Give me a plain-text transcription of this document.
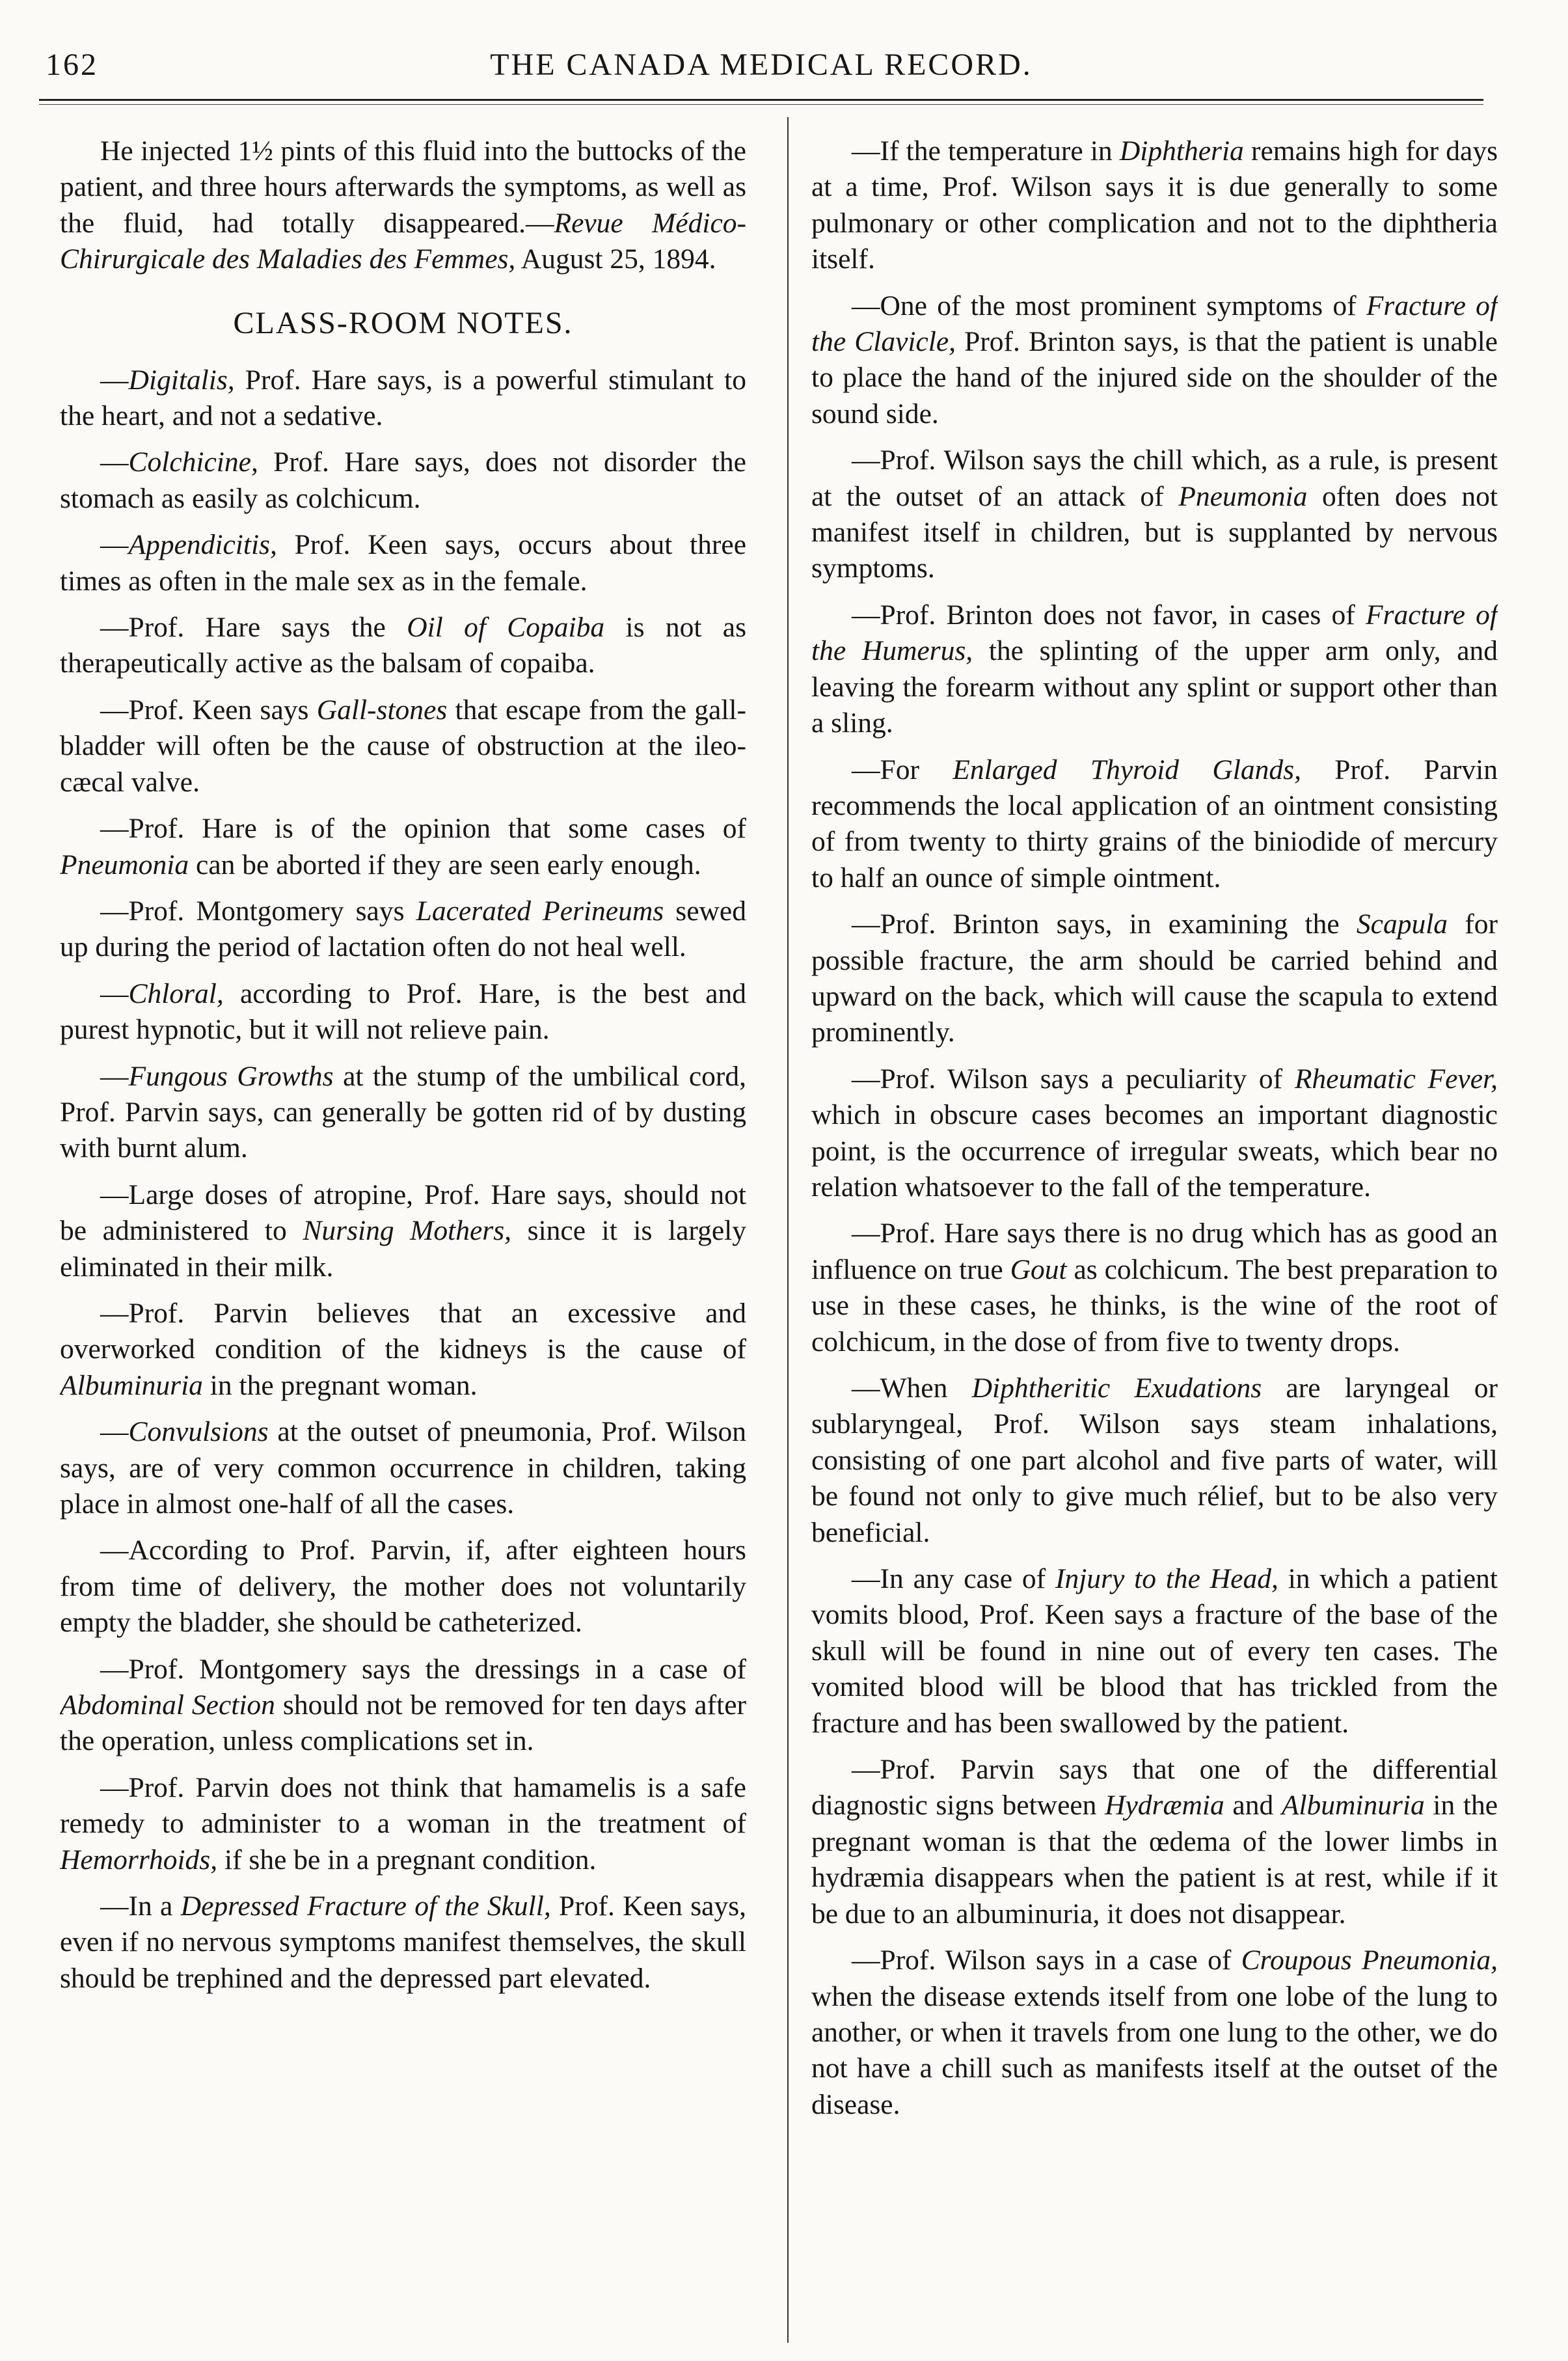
162	THE CANADA MEDICAL RECORD.

He injected 1½ pints of this fluid into the buttocks of the patient, and three hours afterwards the symptoms, as well as the fluid, had totally disappeared.—Revue Médico-Chirurgicale des Maladies des Femmes, August 25, 1894.

CLASS-ROOM NOTES.

—Digitalis, Prof. Hare says, is a powerful stimulant to the heart, and not a sedative.

—Colchicine, Prof. Hare says, does not disorder the stomach as easily as colchicum.

—Appendicitis, Prof. Keen says, occurs about three times as often in the male sex as in the female.

—Prof. Hare says the Oil of Copaiba is not as therapeutically active as the balsam of copaiba.

—Prof. Keen says Gall-stones that escape from the gall-bladder will often be the cause of obstruction at the ileo-cæcal valve.

—Prof. Hare is of the opinion that some cases of Pneumonia can be aborted if they are seen early enough.

—Prof. Montgomery says Lacerated Perineums sewed up during the period of lactation often do not heal well.

—Chloral, according to Prof. Hare, is the best and purest hypnotic, but it will not relieve pain.

—Fungous Growths at the stump of the umbilical cord, Prof. Parvin says, can generally be gotten rid of by dusting with burnt alum.

—Large doses of atropine, Prof. Hare says, should not be administered to Nursing Mothers, since it is largely eliminated in their milk.

—Prof. Parvin believes that an excessive and overworked condition of the kidneys is the cause of Albuminuria in the pregnant woman.

—Convulsions at the outset of pneumonia, Prof. Wilson says, are of very common occurrence in children, taking place in almost one-half of all the cases.

—According to Prof. Parvin, if, after eighteen hours from time of delivery, the mother does not voluntarily empty the bladder, she should be catheterized.

—Prof. Montgomery says the dressings in a case of Abdominal Section should not be removed for ten days after the operation, unless complications set in.

—Prof. Parvin does not think that hamamelis is a safe remedy to administer to a woman in the treatment of Hemorrhoids, if she be in a pregnant condition.

—In a Depressed Fracture of the Skull, Prof. Keen says, even if no nervous symptoms manifest themselves, the skull should be trephined and the depressed part elevated.

—If the temperature in Diphtheria remains high for days at a time, Prof. Wilson says it is due generally to some pulmonary or other complication and not to the diphtheria itself.

—One of the most prominent symptoms of Fracture of the Clavicle, Prof. Brinton says, is that the patient is unable to place the hand of the injured side on the shoulder of the sound side.

—Prof. Wilson says the chill which, as a rule, is present at the outset of an attack of Pneumonia often does not manifest itself in children, but is supplanted by nervous symptoms.

—Prof. Brinton does not favor, in cases of Fracture of the Humerus, the splinting of the upper arm only, and leaving the forearm without any splint or support other than a sling.

—For Enlarged Thyroid Glands, Prof. Parvin recommends the local application of an ointment consisting of from twenty to thirty grains of the biniodide of mercury to half an ounce of simple ointment.

—Prof. Brinton says, in examining the Scapula for possible fracture, the arm should be carried behind and upward on the back, which will cause the scapula to extend prominently.

—Prof. Wilson says a peculiarity of Rheumatic Fever, which in obscure cases becomes an important diagnostic point, is the occurrence of irregular sweats, which bear no relation whatsoever to the fall of the temperature.

—Prof. Hare says there is no drug which has as good an influence on true Gout as colchicum. The best preparation to use in these cases, he thinks, is the wine of the root of colchicum, in the dose of from five to twenty drops.

—When Diphtheritic Exudations are laryngeal or sublaryngeal, Prof. Wilson says steam inhalations, consisting of one part alcohol and five parts of water, will be found not only to give much rélief, but to be also very beneficial.

—In any case of Injury to the Head, in which a patient vomits blood, Prof. Keen says a fracture of the base of the skull will be found in nine out of every ten cases. The vomited blood will be blood that has trickled from the fracture and has been swallowed by the patient.

—Prof. Parvin says that one of the differential diagnostic signs between Hydræmia and Albuminuria in the pregnant woman is that the œdema of the lower limbs in hydræmia disappears when the patient is at rest, while if it be due to an albuminuria, it does not disappear.

—Prof. Wilson says in a case of Croupous Pneumonia, when the disease extends itself from one lobe of the lung to another, or when it travels from one lung to the other, we do not have a chill such as manifests itself at the outset of the disease.
